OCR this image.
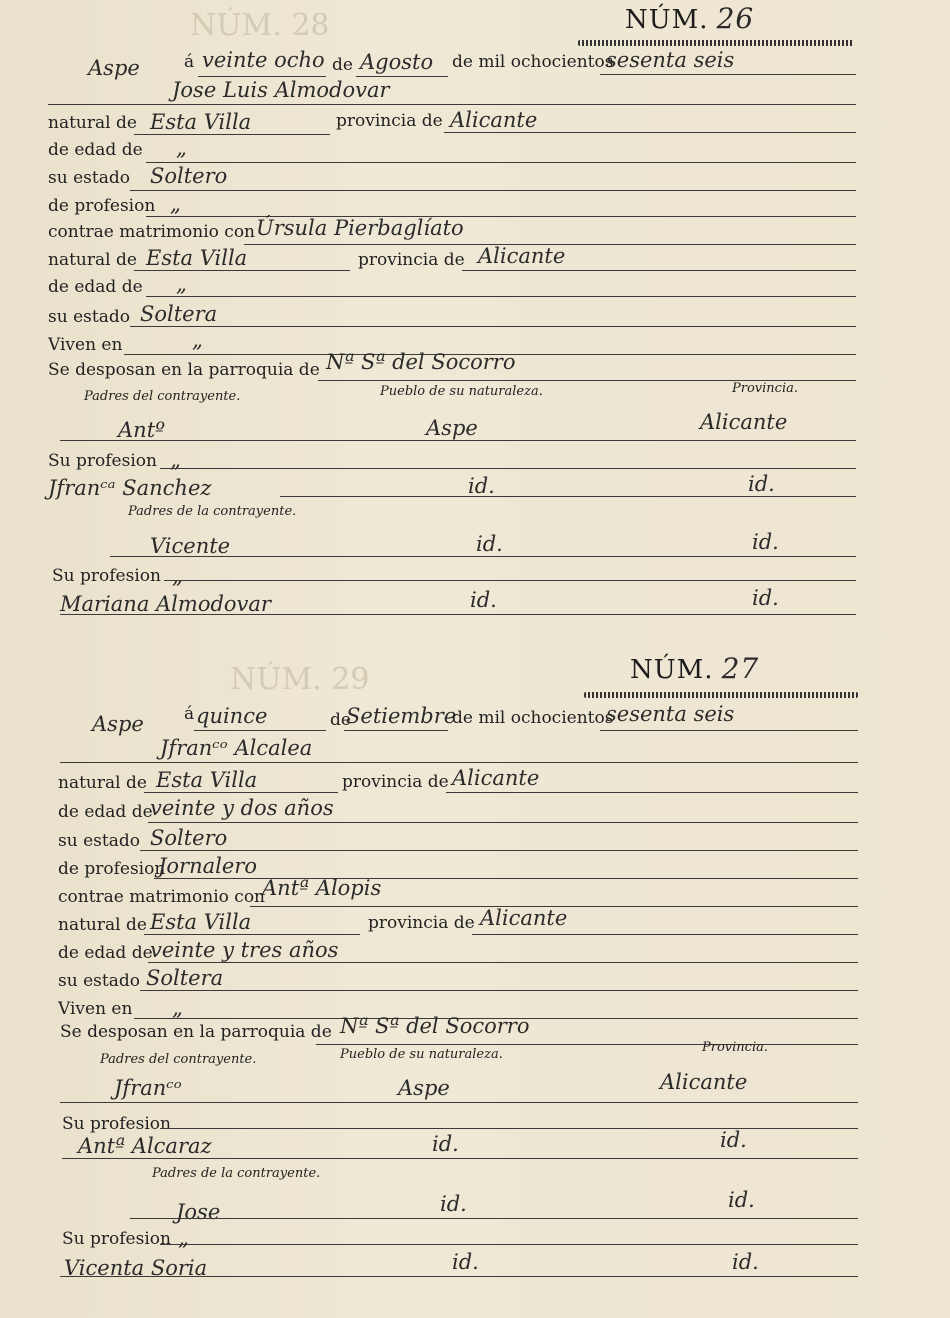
NÚM. 28
NÚM. 29
NÚM. 26
Aspe	á veinte ocho de Agosto de mil ochocientos
sesenta seis
Jose Luis Almodovar
natural de Esta Villa	provincia de Alicante
de edad de „
su estado Soltero
de profesion „
contrae matrimonio con Úrsula Pierbaglíato
natural de Esta Villa	provincia de Alicante
de edad de „
su estado Soltera
Viven en	„
Se desposan en la parroquia de Nª Sª del Socorro
Padres del contrayente.	Pueblo de su naturaleza.	Provincia.
Antº	Aspe	Alicante
Su profesion „
Jfranᶜᵃ Sanchez	id.	id.
Padres de la contrayente.
Vicente	id.	id.
Su profesion „
Mariana Almodovar	id.	id.
NÚM. 27
Aspe á quince	de
Setiembre
de mil ochocientos
sesenta seis
Jfranᶜᵒ Alcalea
natural de Esta Villa	provincia de Alicante
de edad de
veinte y dos años
su estado Soltero
de profesion
Jornalero
contrae matrimonio con
Antª Alopis
natural de Esta Villa	provincia de Alicante
de edad de
veinte y tres años
su estado Soltera
Viven en „
Se desposan en la parroquia de Nª Sª del Socorro
Padres del contrayente.	Pueblo de su naturaleza.	Provincia.
Jfranᶜᵒ	Aspe	Alicante
Su profesion
Antª Alcaraz	id.	id.
Padres de la contrayente.
Jose	id.	id.
Su profesion „
Vicenta Soria	id.	id.
